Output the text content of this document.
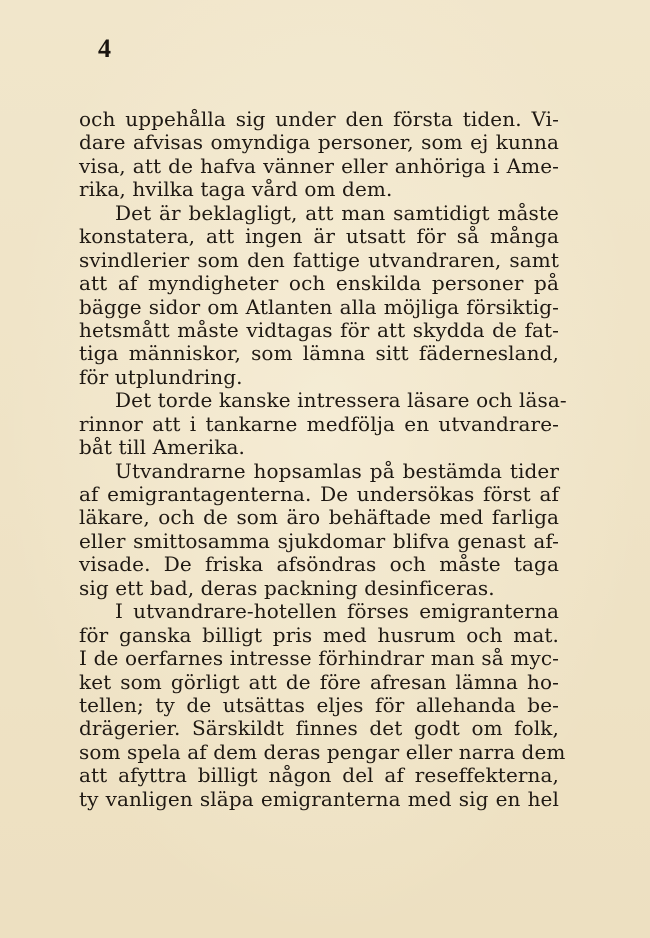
4
och uppehålla sig under den första tiden. Vi-
dare afvisas omyndiga personer, som ej kunna
visa, att de hafva vänner eller anhöriga i Ame-
rika, hvilka taga vård om dem.
Det är beklagligt, att man samtidigt måste
konstatera, att ingen är utsatt för så många
svindlerier som den fattige utvandraren, samt
att af myndigheter och enskilda personer på
bägge sidor om Atlanten alla möjliga försiktig-
hetsmått måste vidtagas för att skydda de fat-
tiga människor, som lämna sitt fädernesland,
för utplundring.
Det torde kanske intressera läsare och läsa-
rinnor att i tankarne medfölja en utvandrare-
båt till Amerika.
Utvandrarne hopsamlas på bestämda tider
af emigrantagenterna. De undersökas först af
läkare, och de som äro behäftade med farliga
eller smittosamma sjukdomar blifva genast af-
visade. De friska afsöndras och måste taga
sig ett bad, deras packning desinficeras.
I utvandrare-hotellen förses emigranterna
för ganska billigt pris med husrum och mat.
I de oerfarnes intresse förhindrar man så myc-
ket som görligt att de före afresan lämna ho-
tellen; ty de utsättas eljes för allehanda be-
drägerier. Särskildt finnes det godt om folk,
som spela af dem deras pengar eller narra dem
att afyttra billigt någon del af reseffekterna,
ty vanligen släpa emigranterna med sig en hel
